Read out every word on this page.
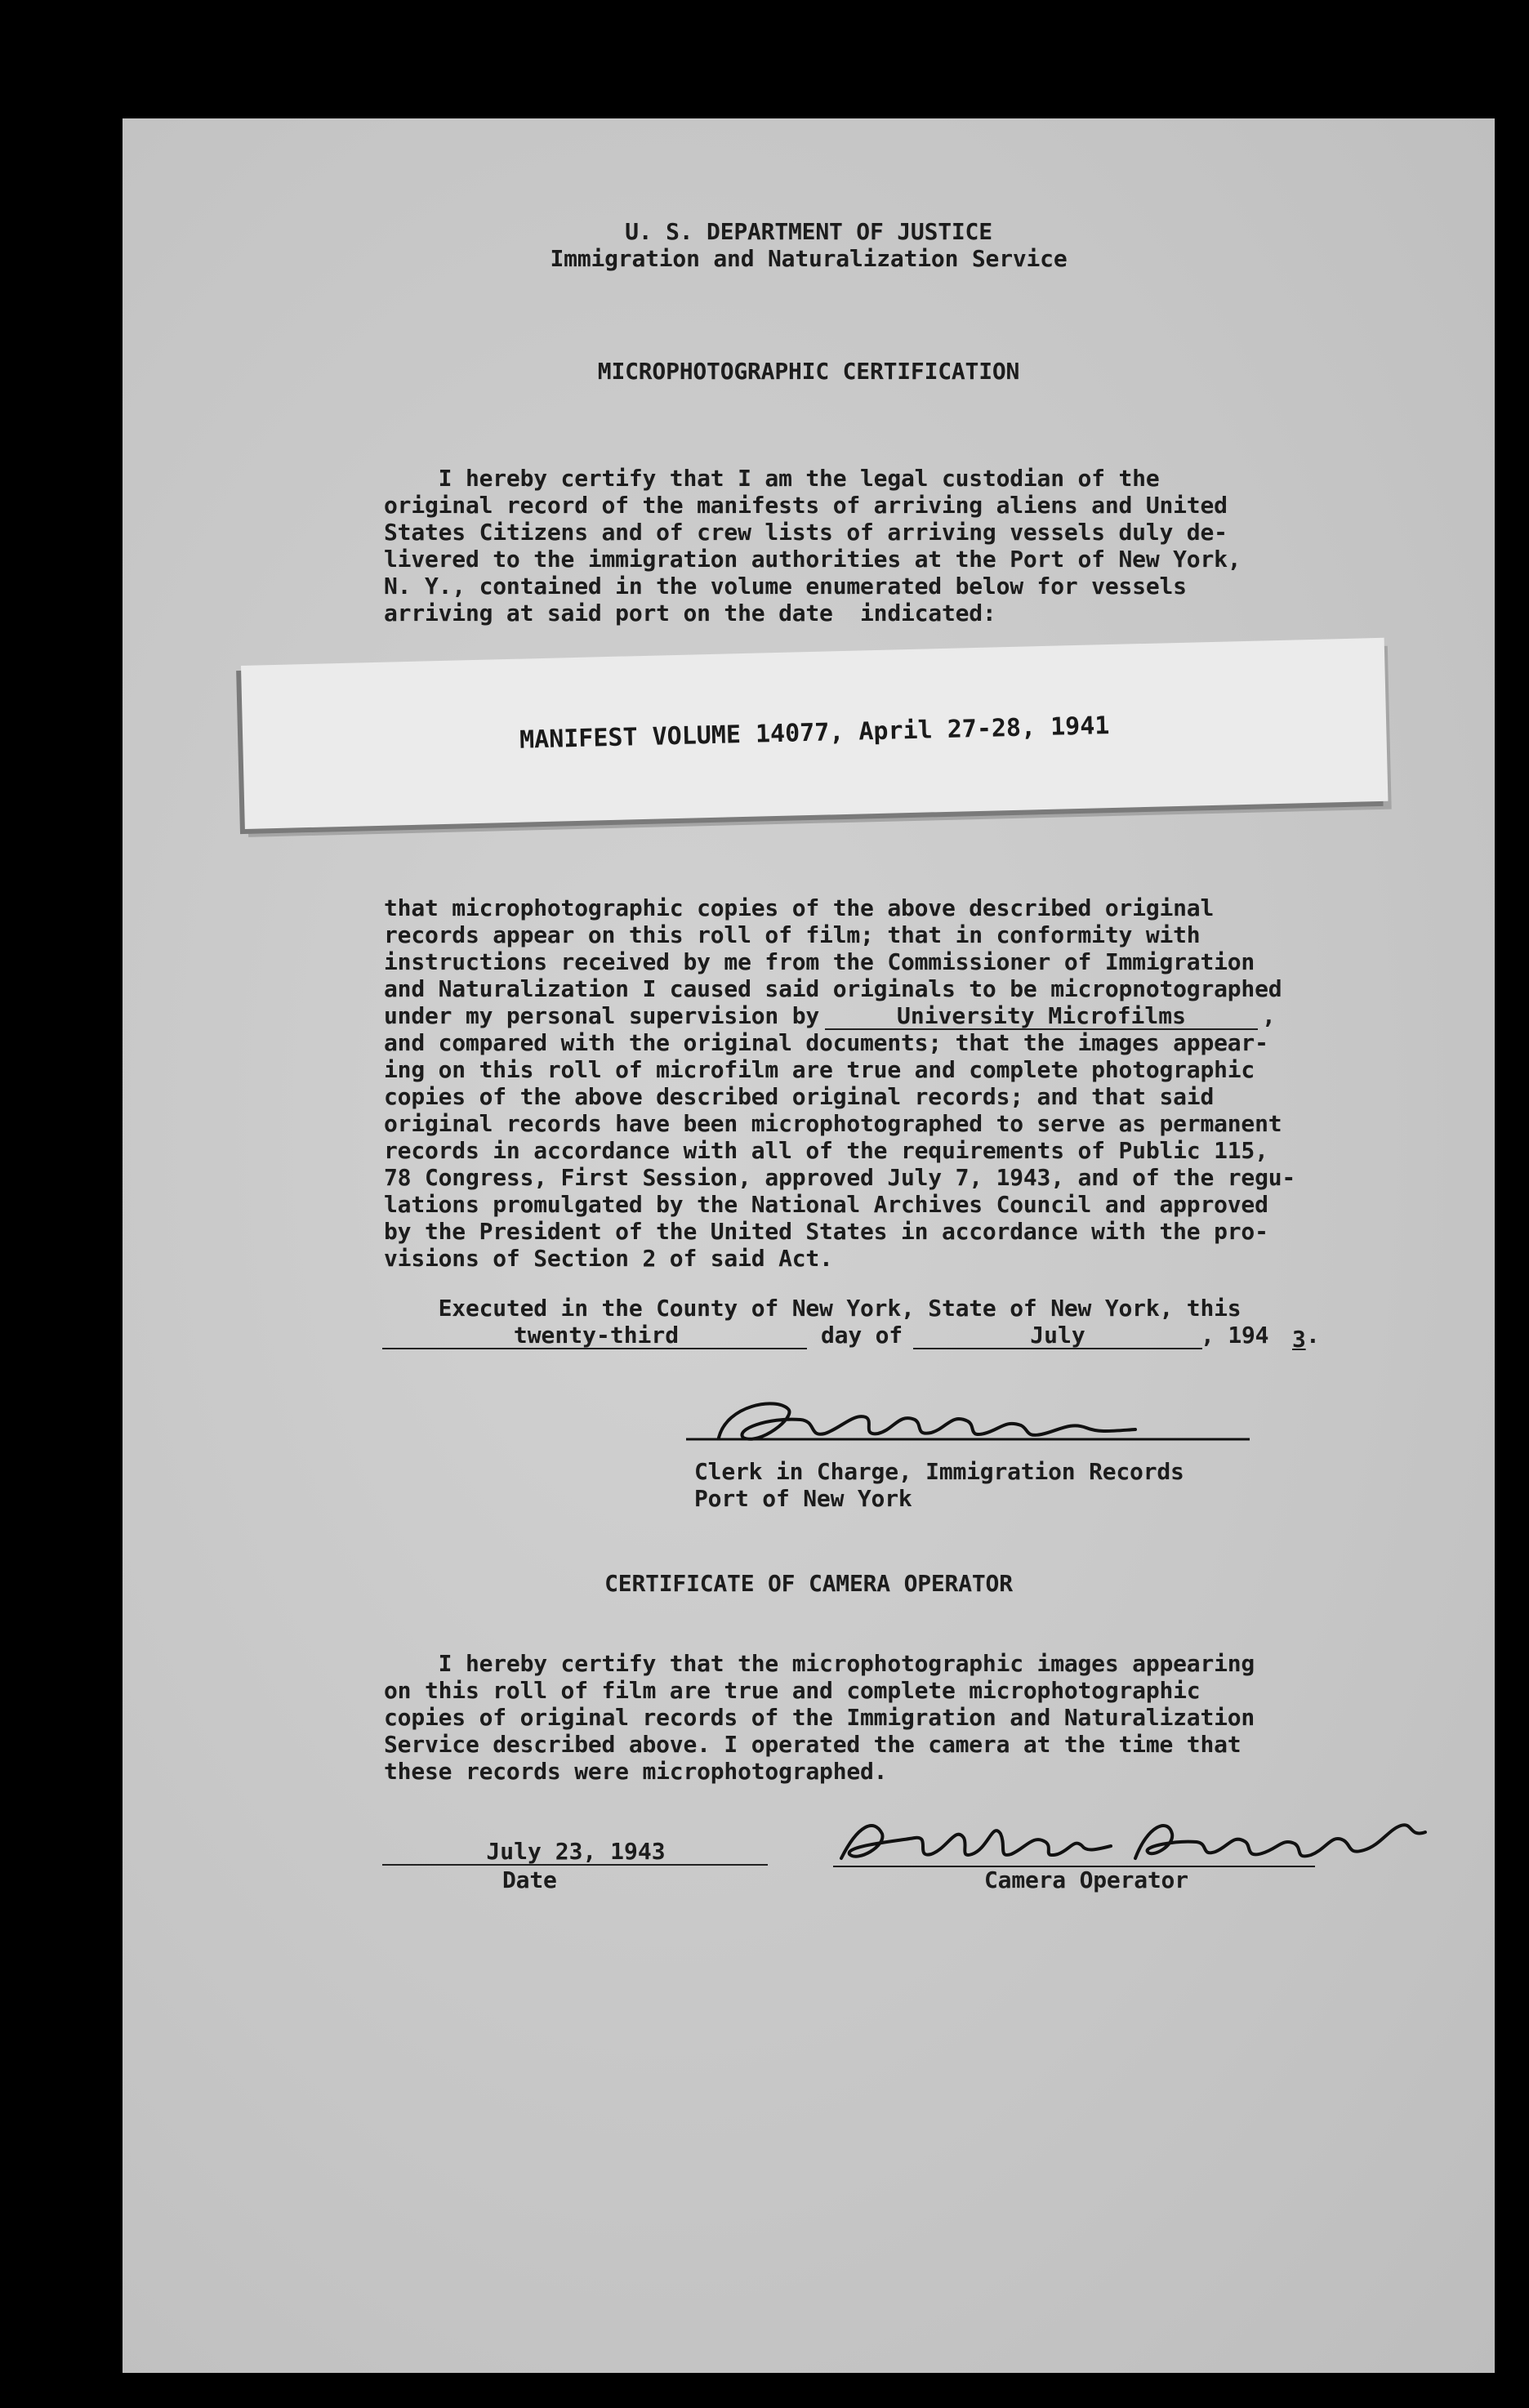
U. S. DEPARTMENT OF JUSTICE
Immigration and Naturalization Service
MICROPHOTOGRAPHIC CERTIFICATION
I hereby certify that I am the legal custodian of the
original record of the manifests of arriving aliens and United
States Citizens and of crew lists of arriving vessels duly de-
livered to the immigration authorities at the Port of New York,
N. Y., contained in the volume enumerated below for vessels
arriving at said port on the date  indicated:
MANIFEST VOLUME 14077, April 27-28, 1941
that microphotographic copies of the above described original
records appear on this roll of film; that in conformity with
instructions received by me from the Commissioner of Immigration
and Naturalization I caused said originals to be micropnotographed
under my personal supervision by	University Microfilms	,
and compared with the original documents; that the images appear-
ing on this roll of microfilm are true and complete photographic
copies of the above described original records; and that said
original records have been microphotographed to serve as permanent
records in accordance with all of the requirements of Public 115,
78 Congress, First Session, approved July 7, 1943, and of the regu-
lations promulgated by the National Archives Council and approved
by the President of the United States in accordance with the pro-
visions of Section 2 of said Act.
Executed in the County of New York, State of New York, this
twenty-third	day of	July	, 194 3 .
Clerk in Charge, Immigration Records
Port of New York
CERTIFICATE OF CAMERA OPERATOR
I hereby certify that the microphotographic images appearing
on this roll of film are true and complete microphotographic
copies of original records of the Immigration and Naturalization
Service described above. I operated the camera at the time that
these records were microphotographed.
July 23, 1943
Date	Camera Operator
